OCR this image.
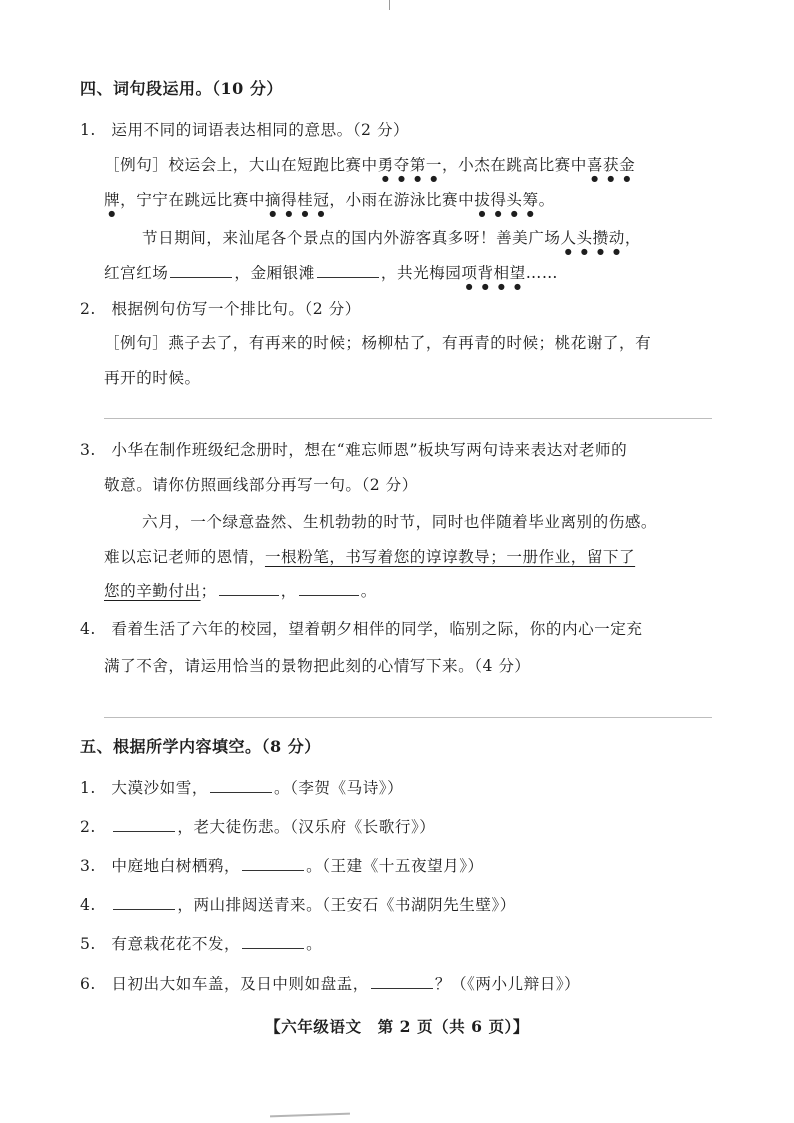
四、词句段运用。（10 分）
1. 运用不同的词语表达相同的意思。（2 分）
［例句］校运会上，大山在短跑比赛中勇夺第一，小杰在跳高比赛中喜获金
牌，宁宁在跳远比赛中摘得桂冠，小雨在游泳比赛中拔得头筹。
节日期间，来汕尾各个景点的国内外游客真多呀！善美广场人头攒动，
红宫红场	，金厢银滩	，共光梅园项背相望……
2. 根据例句仿写一个排比句。（2 分）
［例句］燕子去了，有再来的时候；杨柳枯了，有再青的时候；桃花谢了，有
再开的时候。
3. 小华在制作班级纪念册时，想在“难忘师恩”板块写两句诗来表达对老师的
敬意。请你仿照画线部分再写一句。（2 分）
六月，一个绿意盎然、生机勃勃的时节，同时也伴随着毕业离别的伤感。
难以忘记老师的恩情，一根粉笔，书写着您的谆谆教导；一册作业，留下了
您的辛勤付出；	，	。
4. 看着生活了六年的校园，望着朝夕相伴的同学，临别之际，你的内心一定充
满了不舍，请运用恰当的景物把此刻的心情写下来。（4 分）
五、根据所学内容填空。（8 分）
1. 大漠沙如雪，	。（李贺《马诗》）
2.	，老大徒伤悲。（汉乐府《长歌行》）
3. 中庭地白树栖鸦，	。（王建《十五夜望月》）
4.	，两山排闼送青来。（王安石《书湖阴先生壁》）
5. 有意栽花花不发，	。
6. 日初出大如车盖，及日中则如盘盂，	？（《两小儿辩日》）
【六年级语文　第 2 页（共 6 页）】
